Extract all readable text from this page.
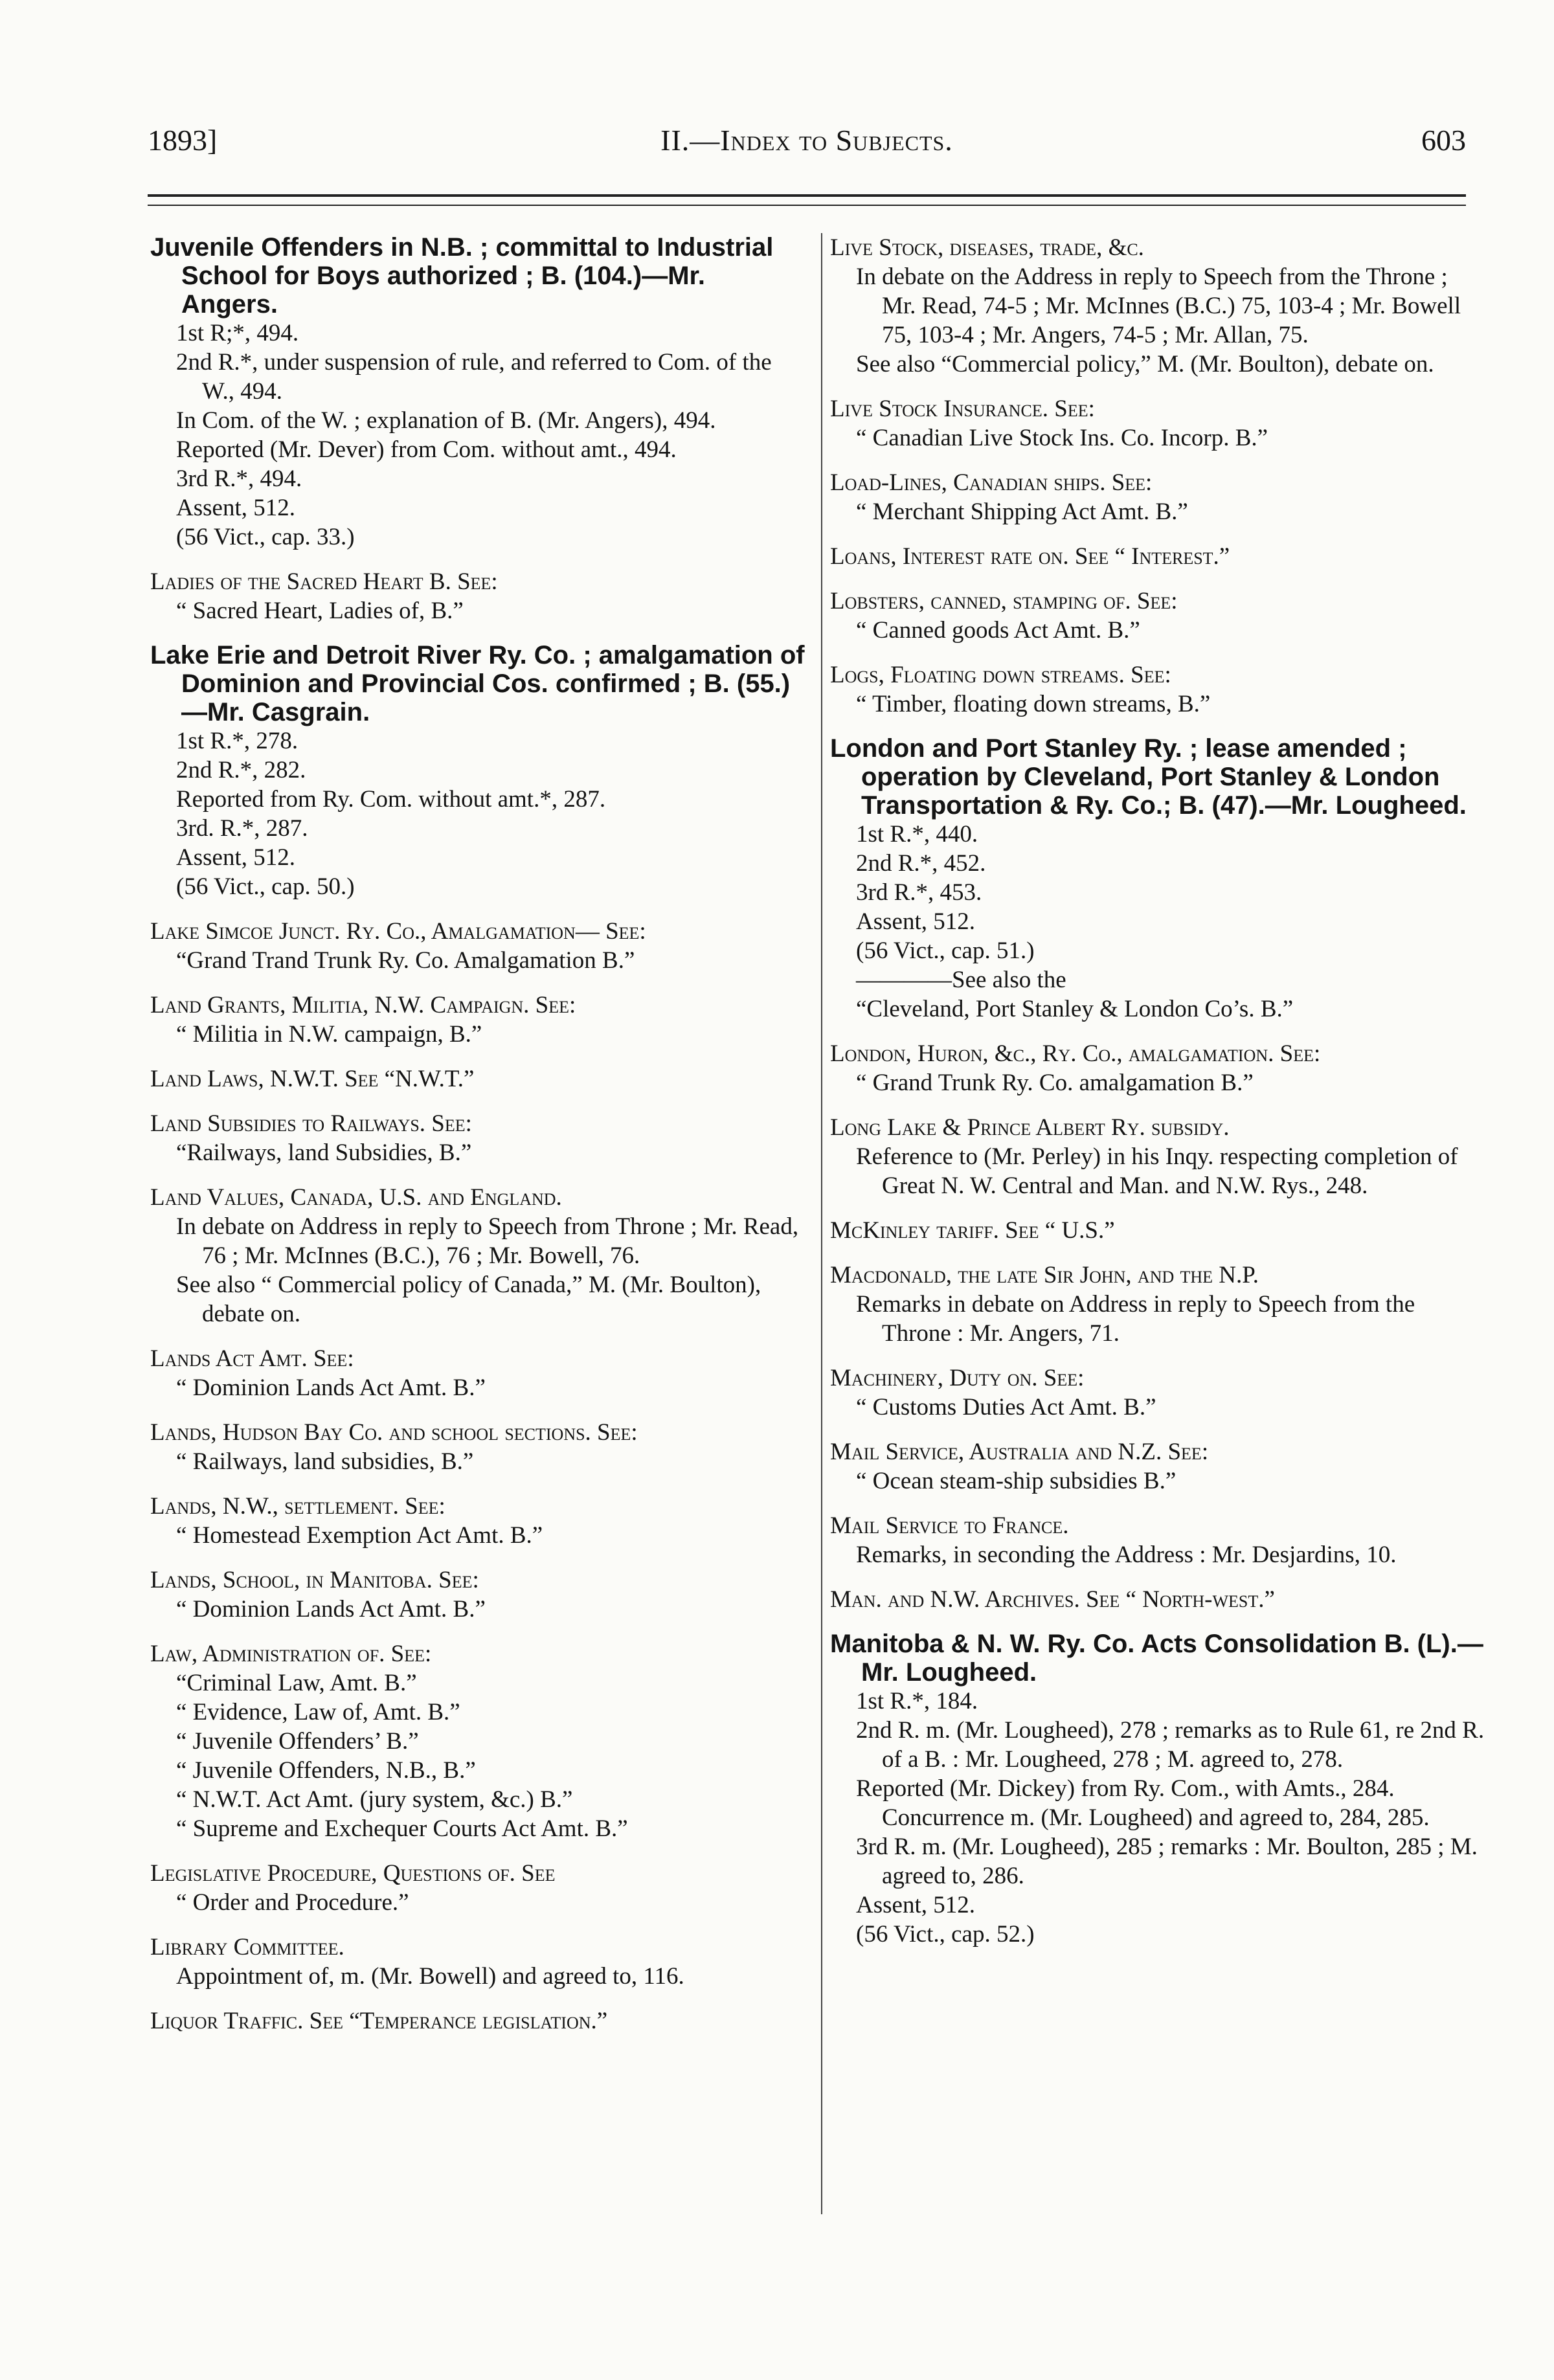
1893]	II.—Index to Subjects.	603
Juvenile Offenders in N.B. ; committal to Industrial School for Boys authorized ; B. (104.)—Mr. Angers.
1st R;*, 494.
2nd R.*, under suspension of rule, and referred to Com. of the W., 494.
In Com. of the W. ; explanation of B. (Mr. Angers), 494.
Reported (Mr. Dever) from Com. without amt., 494.
3rd R.*, 494.
Assent, 512.
(56 Vict., cap. 33.)
Ladies of the Sacred Heart B. See:
“ Sacred Heart, Ladies of, B.”
Lake Erie and Detroit River Ry. Co. ; amalgamation of Dominion and Provincial Cos. confirmed ; B. (55.) —Mr. Casgrain.
1st R.*, 278.
2nd R.*, 282.
Reported from Ry. Com. without amt.*, 287.
3rd. R.*, 287.
Assent, 512.
(56 Vict., cap. 50.)
Lake Simcoe Junct. Ry. Co., Amalgamation— See:
“Grand Trand Trunk Ry. Co. Amalgamation B.”
Land Grants, Militia, N.W. Campaign. See:
“ Militia in N.W. campaign, B.”
Land Laws, N.W.T. See “N.W.T.”
Land Subsidies to Railways. See:
“Railways, land Subsidies, B.”
Land Values, Canada, U.S. and England.
In debate on Address in reply to Speech from Throne ; Mr. Read, 76 ; Mr. McInnes (B.C.), 76 ; Mr. Bowell, 76.
See also “ Commercial policy of Canada,” M. (Mr. Boulton), debate on.
Lands Act Amt. See:
“ Dominion Lands Act Amt. B.”
Lands, Hudson Bay Co. and school sections. See:
“ Railways, land subsidies, B.”
Lands, N.W., settlement. See:
“ Homestead Exemption Act Amt. B.”
Lands, School, in Manitoba. See:
“ Dominion Lands Act Amt. B.”
Law, Administration of. See:
“Criminal Law, Amt. B.”
“ Evidence, Law of, Amt. B.”
“ Juvenile Offenders’ B.”
“ Juvenile Offenders, N.B., B.”
“ N.W.T. Act Amt. (jury system, &c.) B.”
“ Supreme and Exchequer Courts Act Amt. B.”
Legislative Procedure, Questions of. See
“ Order and Procedure.”
Library Committee.
Appointment of, m. (Mr. Bowell) and agreed to, 116.
Liquor Traffic. See “Temperance legislation.”
Live Stock, diseases, trade, &c.
In debate on the Address in reply to Speech from the Throne ; Mr. Read, 74-5 ; Mr. McInnes (B.C.) 75, 103-4 ; Mr. Bowell 75, 103-4 ; Mr. Angers, 74-5 ; Mr. Allan, 75.
See also “Commercial policy,” M. (Mr. Boulton), debate on.
Live Stock Insurance. See:
“ Canadian Live Stock Ins. Co. Incorp. B.”
Load-Lines, Canadian ships. See:
“ Merchant Shipping Act Amt. B.”
Loans, Interest rate on. See “ Interest.”
Lobsters, canned, stamping of. See:
“ Canned goods Act Amt. B.”
Logs, Floating down streams. See:
“ Timber, floating down streams, B.”
London and Port Stanley Ry. ; lease amended ; operation by Cleveland, Port Stanley & London Transportation & Ry. Co.; B. (47).—Mr. Lougheed.
1st R.*, 440.
2nd R.*, 452.
3rd R.*, 453.
Assent, 512.
(56 Vict., cap. 51.)
————See also the
“Cleveland, Port Stanley & London Co’s. B.”
London, Huron, &c., Ry. Co., amalgamation. See:
“ Grand Trunk Ry. Co. amalgamation B.”
Long Lake & Prince Albert Ry. subsidy.
Reference to (Mr. Perley) in his Inqy. respecting completion of Great N. W. Central and Man. and N.W. Rys., 248.
McKinley tariff. See “ U.S.”
Macdonald, the late Sir John, and the N.P.
Remarks in debate on Address in reply to Speech from the Throne : Mr. Angers, 71.
Machinery, Duty on. See:
“ Customs Duties Act Amt. B.”
Mail Service, Australia and N.Z. See:
“ Ocean steam-ship subsidies B.”
Mail Service to France.
Remarks, in seconding the Address : Mr. Desjardins, 10.
Man. and N.W. Archives. See “ North-west.”
Manitoba & N. W. Ry. Co. Acts Consolidation B. (L).—Mr. Lougheed.
1st R.*, 184.
2nd R. m. (Mr. Lougheed), 278 ; remarks as to Rule 61, re 2nd R. of a B. : Mr. Lougheed, 278 ; M. agreed to, 278.
Reported (Mr. Dickey) from Ry. Com., with Amts., 284. Concurrence m. (Mr. Lougheed) and agreed to, 284, 285.
3rd R. m. (Mr. Lougheed), 285 ; remarks : Mr. Boulton, 285 ; M. agreed to, 286.
Assent, 512.
(56 Vict., cap. 52.)
